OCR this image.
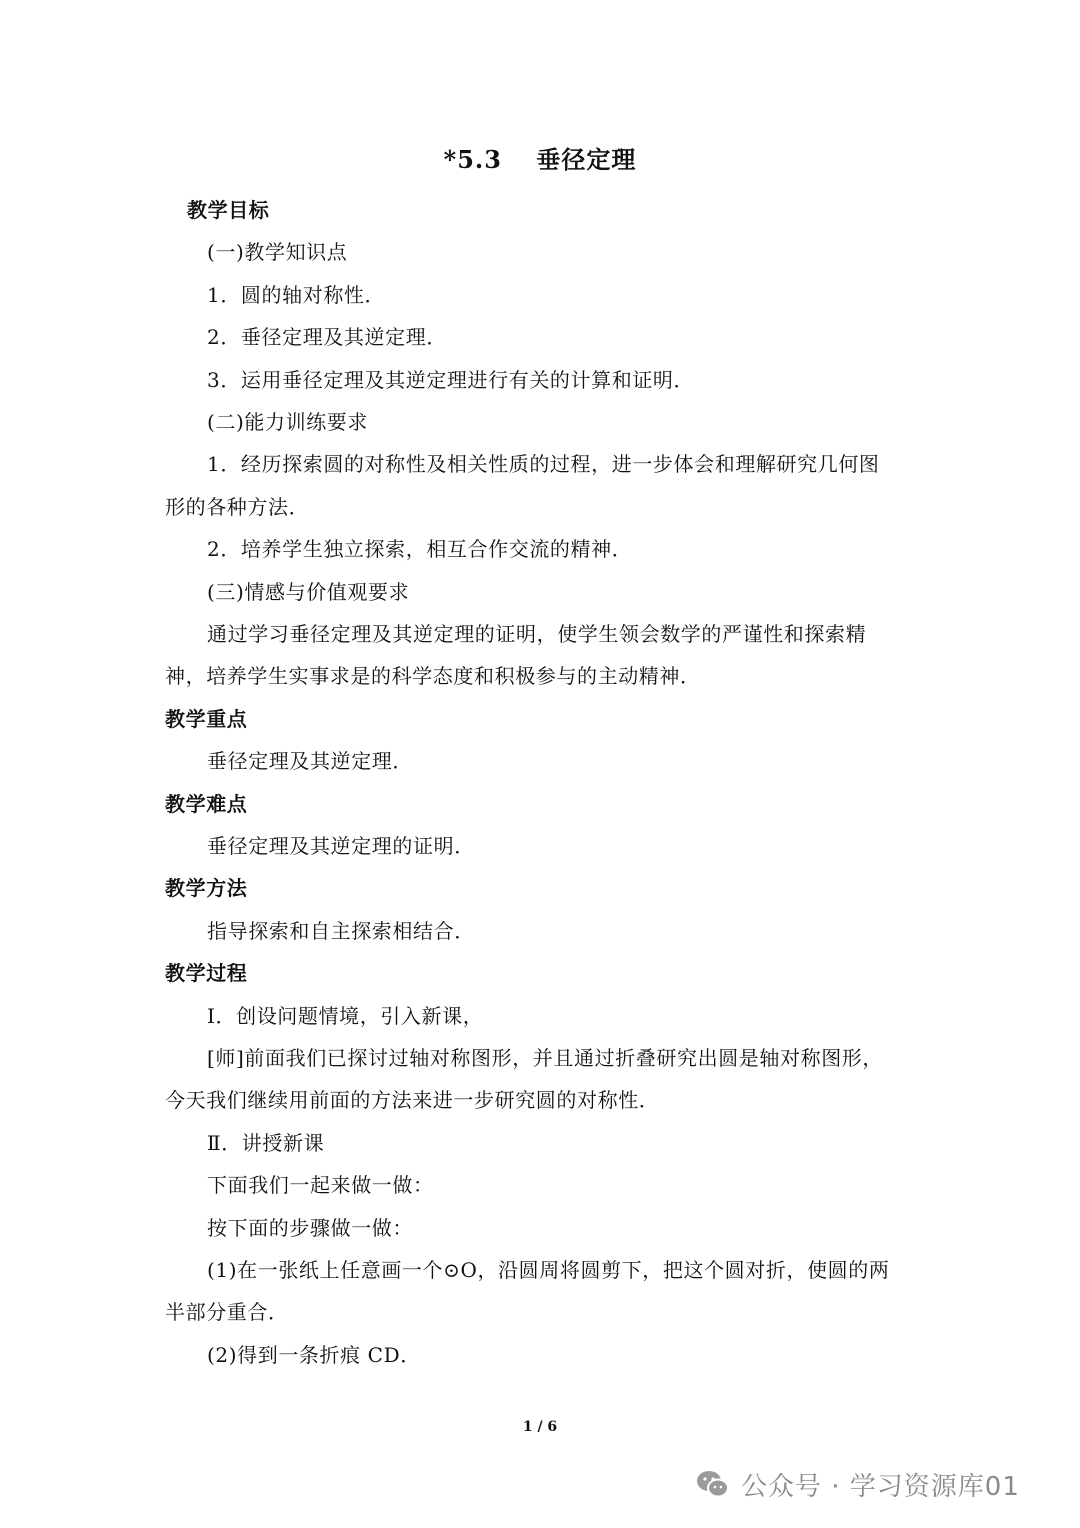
*5.3　 垂径定理
教学目标
(一)教学知识点
1．圆的轴对称性．
2．垂径定理及其逆定理．
3．运用垂径定理及其逆定理进行有关的计算和证明．
(二)能力训练要求
1．经历探索圆的对称性及相关性质的过程，进一步体会和理解研究几何图
形的各种方法．
2．培养学生独立探索，相互合作交流的精神．
(三)情感与价值观要求
通过学习垂径定理及其逆定理的证明，使学生领会数学的严谨性和探索精
神，培养学生实事求是的科学态度和积极参与的主动精神．
教学重点
垂径定理及其逆定理．
教学难点
垂径定理及其逆定理的证明．
教学方法
指导探索和自主探索相结合．
教学过程
Ⅰ．创设问题情境，引入新课，
[师]前面我们已探讨过轴对称图形，并且通过折叠研究出圆是轴对称图形，
今天我们继续用前面的方法来进一步研究圆的对称性．
Ⅱ．讲授新课
下面我们一起来做一做：
按下面的步骤做一做：
(1)在一张纸上任意画一个⊙O，沿圆周将圆剪下，把这个圆对折，使圆的两
半部分重合．
(2)得到一条折痕 CD．
1 / 6
公众号 · 学习资源库01
